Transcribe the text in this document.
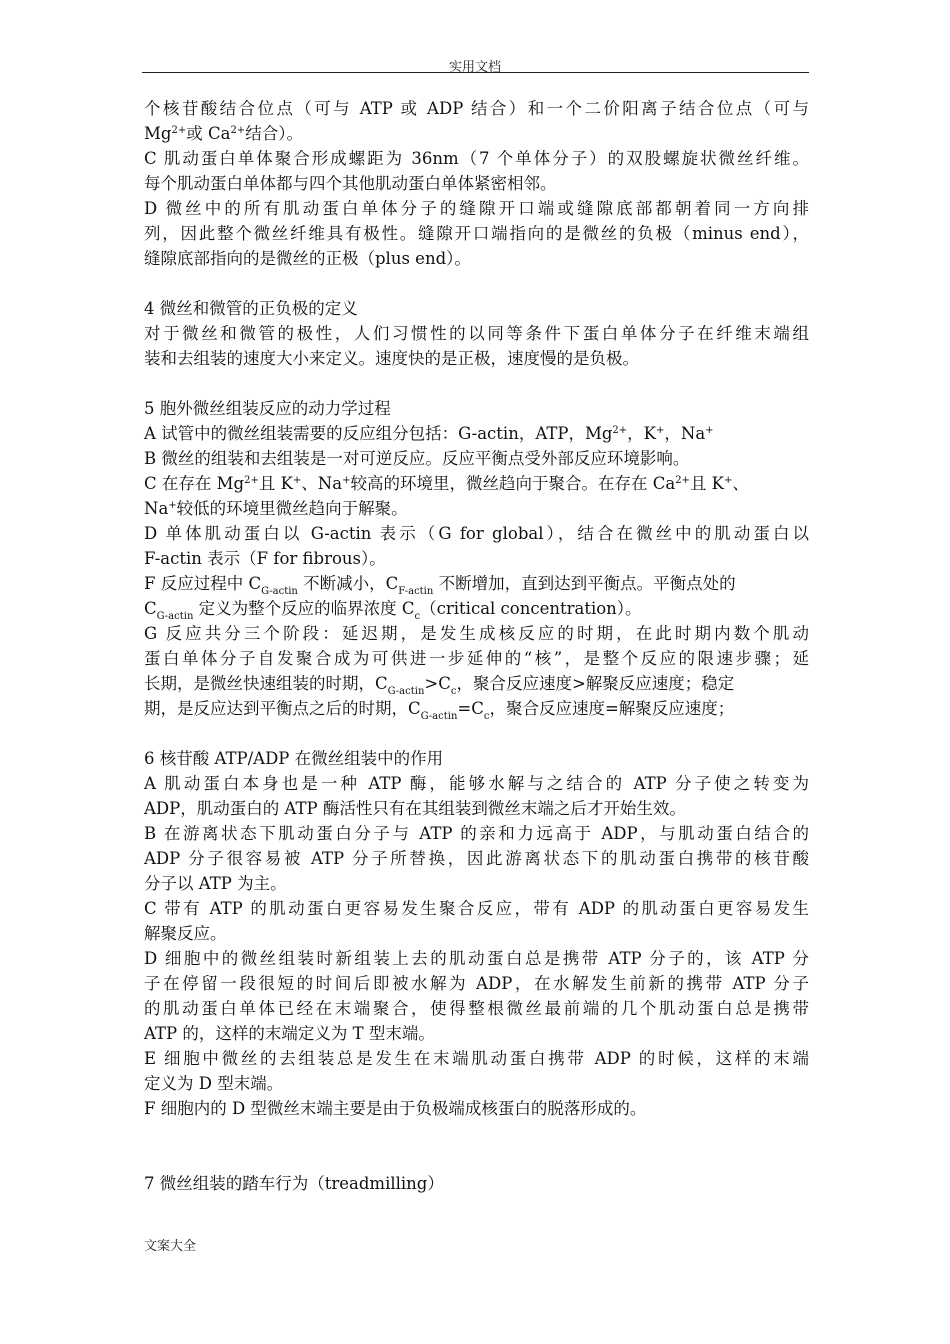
实用文档
个核苷酸结合位点（可与 ATP 或 ADP 结合）和一个二价阳离子结合位点（可与
$Mg^{2+}$或 $Ca^{2+}$结合）。
C 肌动蛋白单体聚合形成螺距为 36nm（7 个单体分子）的双股螺旋状微丝纤维。
每个肌动蛋白单体都与四个其他肌动蛋白单体紧密相邻。
D 微丝中的所有肌动蛋白单体分子的缝隙开口端或缝隙底部都朝着同一方向排
列，因此整个微丝纤维具有极性。缝隙开口端指向的是微丝的负极（minus end），
缝隙底部指向的是微丝的正极（plus end）。
4 微丝和微管的正负极的定义
对于微丝和微管的极性，人们习惯性的以同等条件下蛋白单体分子在纤维末端组
装和去组装的速度大小来定义。速度快的是正极，速度慢的是负极。
5 胞外微丝组装反应的动力学过程
A 试管中的微丝组装需要的反应组分包括：G-actin，ATP，$Mg^{2+}$，K+，Na+
B 微丝的组装和去组装是一对可逆反应。反应平衡点受外部反应环境影响。
C 在存在 $Mg^{2+}$且 K+、Na+较高的环境里，微丝趋向于聚合。在存在 $Ca^{2+}$且 K+、
Na+较低的环境里微丝趋向于解聚。
D 单体肌动蛋白以 G-actin 表示（G for global），结合在微丝中的肌动蛋白以
F-actin 表示（F for fibrous）。
F 反应过程中 $C_{G-actin}$ 不断减小，$C_{F-actin}$ 不断增加，直到达到平衡点。平衡点处的
$C_{G-actin}$ 定义为整个反应的临界浓度 $C_c(critical$ concentration）。
G 反应共分三个阶段：延迟期，是发生成核反应的时期，在此时期内数个肌动
蛋白单体分子自发聚合成为可供进一步延伸的“核”，是整个反应的限速步骤；延
长期，是微丝快速组装的时期，$C_{G-actin}>C_c$，聚合反应速度>解聚反应速度；稳定
期，是反应达到平衡点之后的时期，$C_{G-actin}=C_c$，聚合反应速度=解聚反应速度；
6 核苷酸 ATP/ADP 在微丝组装中的作用
A 肌动蛋白本身也是一种 ATP 酶，能够水解与之结合的 ATP 分子使之转变为
ADP，肌动蛋白的 ATP 酶活性只有在其组装到微丝末端之后才开始生效。
B 在游离状态下肌动蛋白分子与 ATP 的亲和力远高于 ADP，与肌动蛋白结合的
ADP 分子很容易被 ATP 分子所替换，因此游离状态下的肌动蛋白携带的核苷酸
分子以 ATP 为主。
C 带有 ATP 的肌动蛋白更容易发生聚合反应，带有 ADP 的肌动蛋白更容易发生
解聚反应。
D 细胞中的微丝组装时新组装上去的肌动蛋白总是携带 ATP 分子的，该 ATP 分
子在停留一段很短的时间后即被水解为 ADP，在水解发生前新的携带 ATP 分子
的肌动蛋白单体已经在末端聚合，使得整根微丝最前端的几个肌动蛋白总是携带
ATP 的，这样的末端定义为 T 型末端。
E 细胞中微丝的去组装总是发生在末端肌动蛋白携带 ADP 的时候，这样的末端
定义为 D 型末端。
F 细胞内的 D 型微丝末端主要是由于负极端成核蛋白的脱落形成的。
7 微丝组装的踏车行为（treadmilling）
文案大全
